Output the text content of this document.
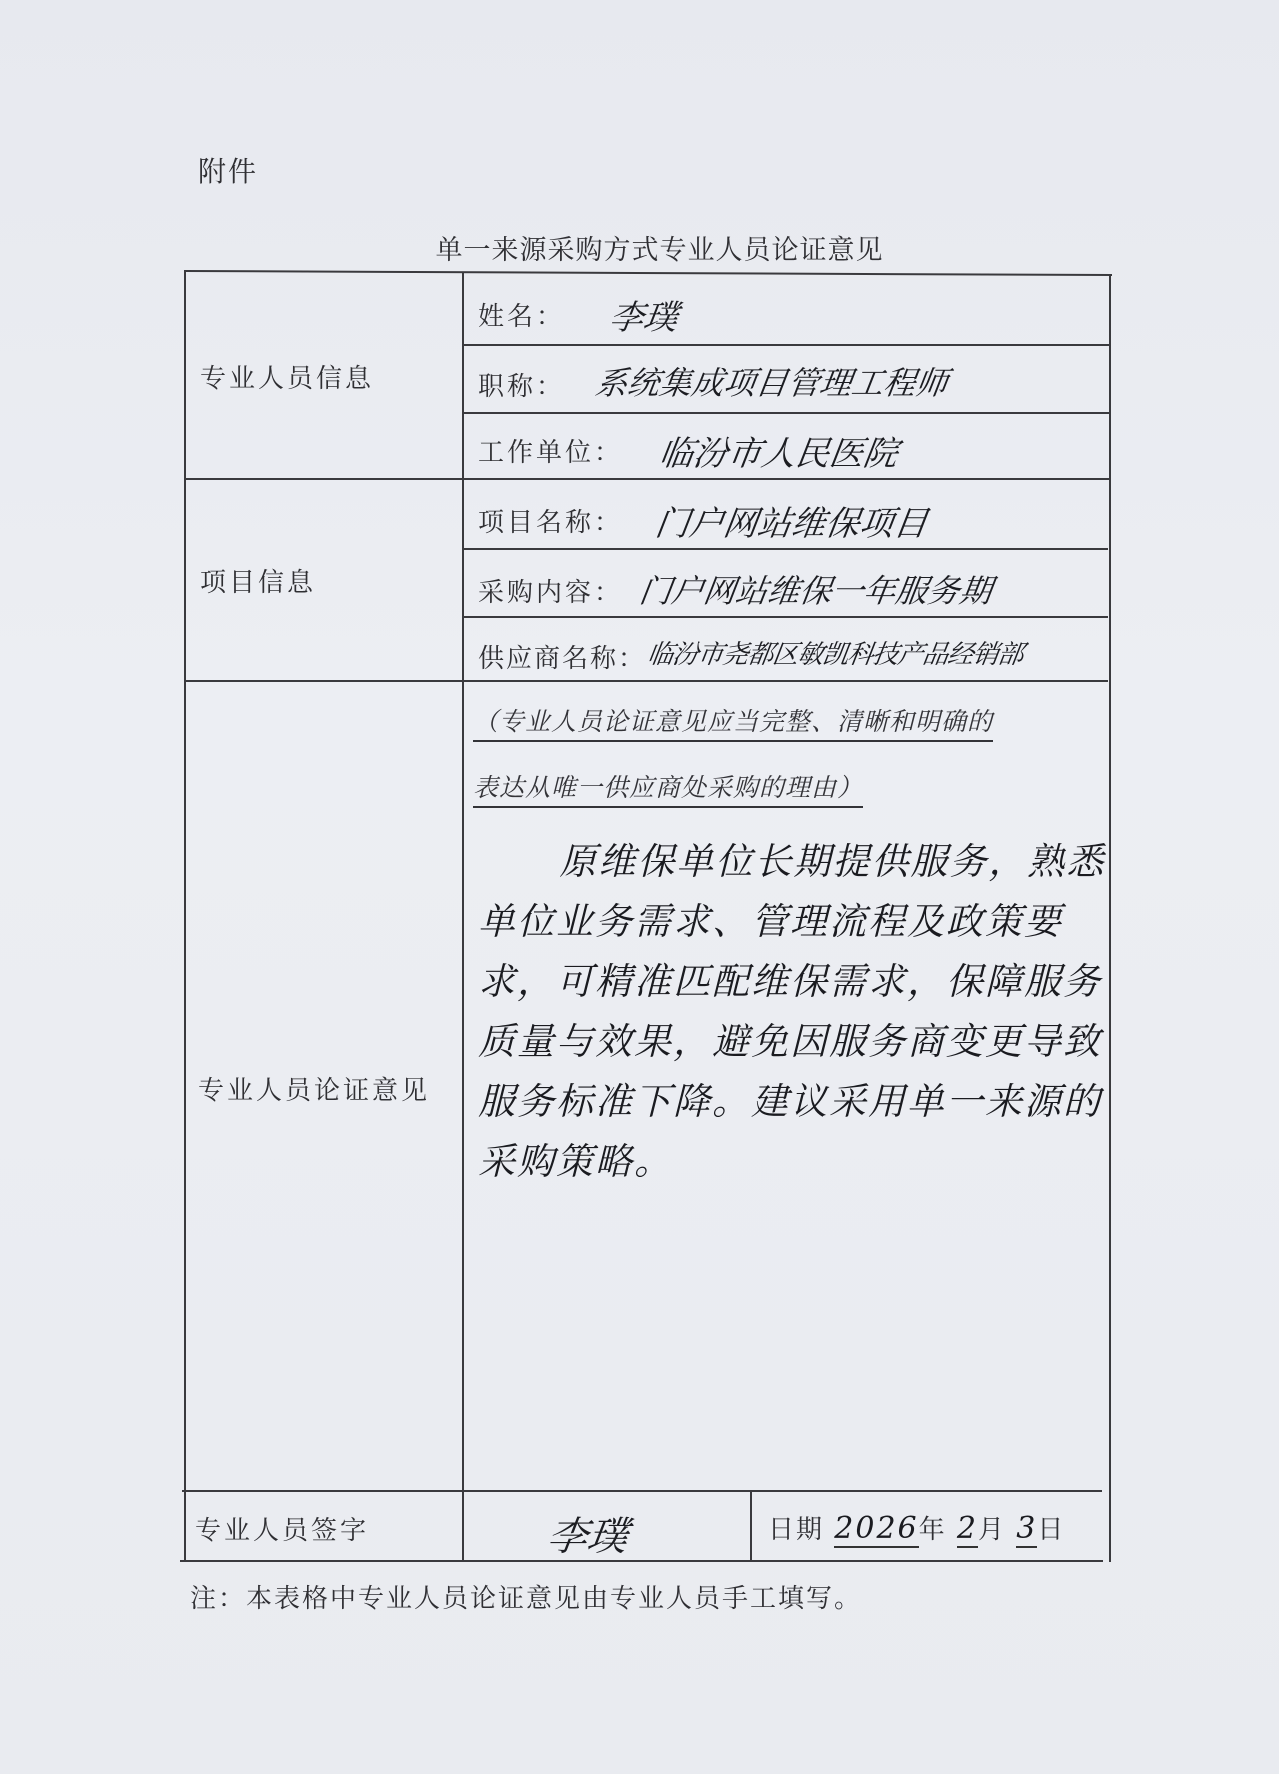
附件
单一来源采购方式专业人员论证意见
专业人员信息
项目信息
专业人员论证意见
专业人员签字
姓名： 李璞
职称： 系统集成项目管理工程师
工作单位： 临汾市人民医院
项目名称： 门户网站维保项目
采购内容： 门户网站维保一年服务期
供应商名称： 临汾市尧都区敏凯科技产品经销部
（专业人员论证意见应当完整、清晰和明确的
表达从唯一供应商处采购的理由）
原维保单位长期提供服务，熟悉单位业务需求、管理流程及政策要求，可精准匹配维保需求，保障服务质量与效果，避免因服务商变更导致服务标准下降。建议采用单一来源的采购策略。
李璞	日期 2026年 2月 3日
注：本表格中专业人员论证意见由专业人员手工填写。
